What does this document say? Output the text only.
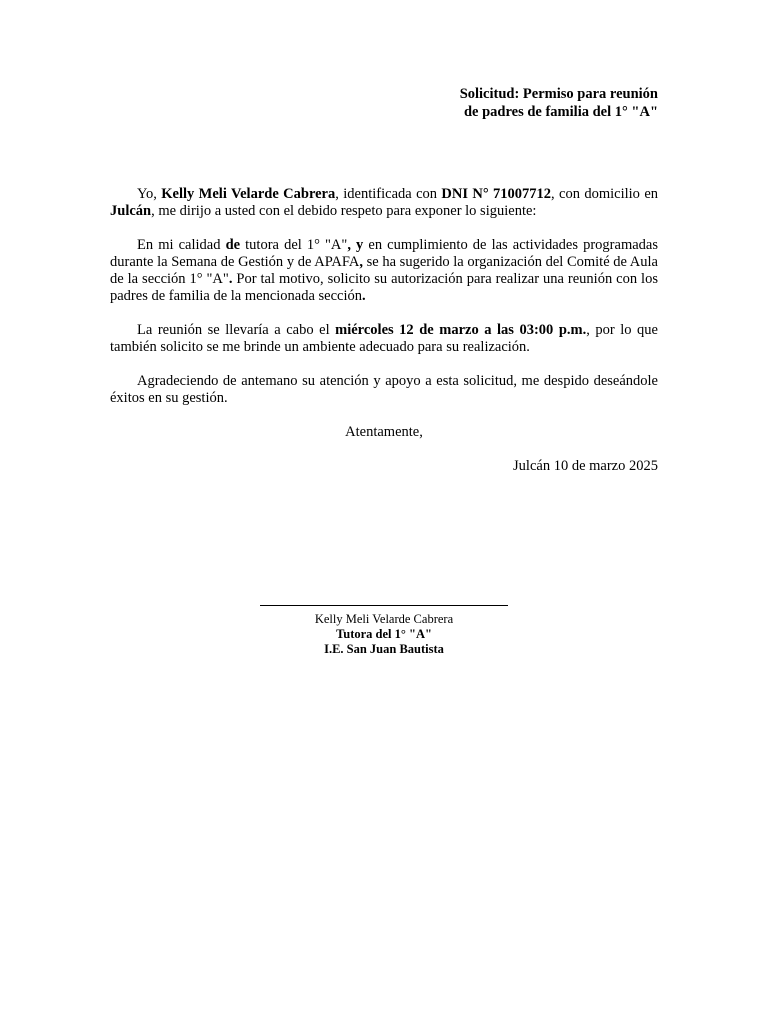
Solicitud: Permiso para reunión
de padres de familia del 1° "A"

Yo, Kelly Meli Velarde Cabrera, identificada con DNI N° 71007712, con domicilio en Julcán, me dirijo a usted con el debido respeto para exponer lo siguiente:

En mi calidad de tutora del 1° "A", y en cumplimiento de las actividades programadas durante la Semana de Gestión y de APAFA, se ha sugerido la organización del Comité de Aula de la sección 1° "A". Por tal motivo, solicito su autorización para realizar una reunión con los padres de familia de la mencionada sección.

La reunión se llevaría a cabo el miércoles 12 de marzo a las 03:00 p.m., por lo que también solicito se me brinde un ambiente adecuado para su realización.

Agradeciendo de antemano su atención y apoyo a esta solicitud, me despido deseándole éxitos en su gestión.

Atentamente,

Julcán 10 de marzo 2025

Kelly Meli Velarde Cabrera
Tutora del 1° "A"
I.E. San Juan Bautista
